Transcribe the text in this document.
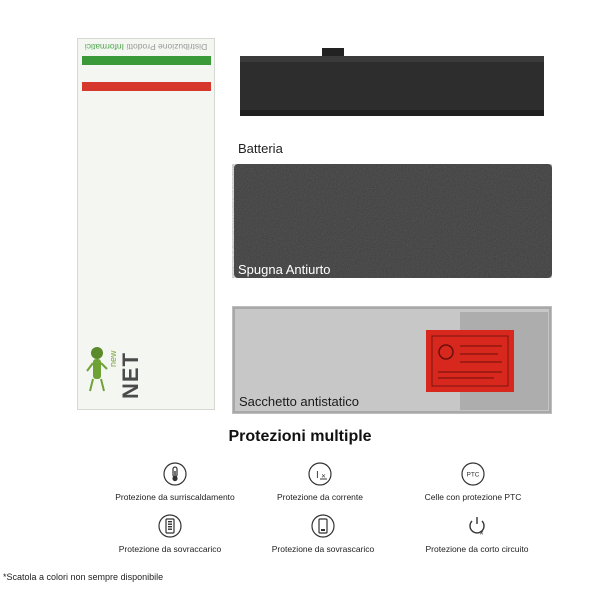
Distribuzione Prodotti Informatici
new NET
Batteria
Spugna Antiurto
Sacchetto antistatico
Protezioni multiple
Protezione da surriscaldamento
I ✕
Protezione da corrente
PTC
Celle con protezione PTC
Protezione da sovraccarico	Protezione da sovrascarico
✕
Protezione da corto circuito
*Scatola a colori non sempre disponibile
